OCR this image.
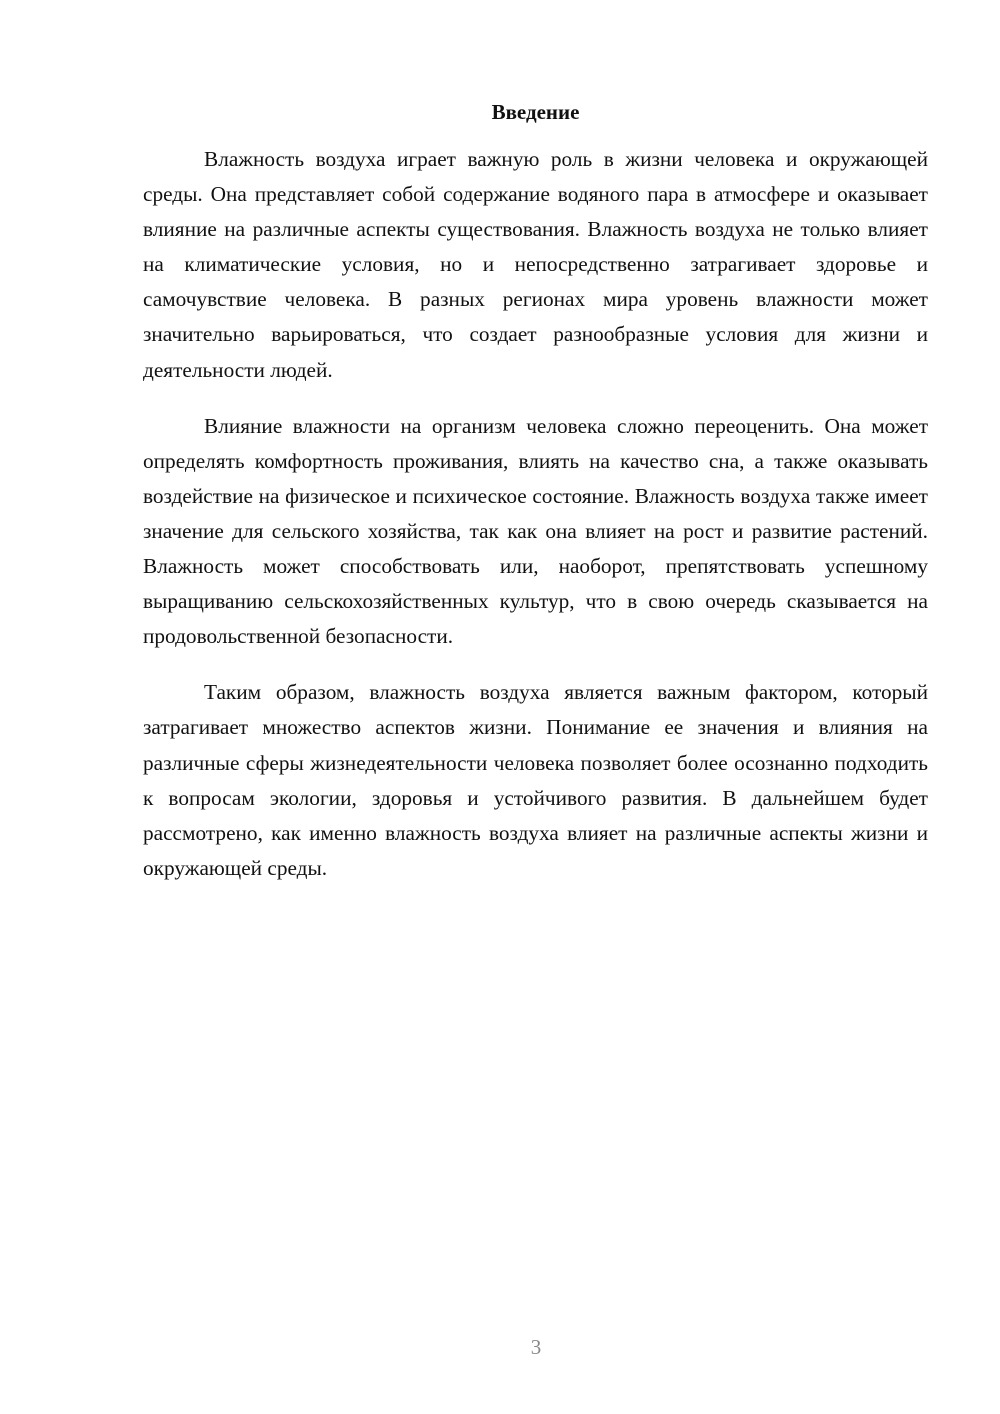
Введение

Влажность воздуха играет важную роль в жизни человека и окружающей среды. Она представляет собой содержание водяного пара в атмосфере и оказывает влияние на различные аспекты существования. Влажность воздуха не только влияет на климатические условия, но и непосредственно затрагивает здоровье и самочувствие человека. В разных регионах мира уровень влажности может значительно варьироваться, что создает разнообразные условия для жизни и деятельности людей.

Влияние влажности на организм человека сложно переоценить. Она может определять комфортность проживания, влиять на качество сна, а также оказывать воздействие на физическое и психическое состояние. Влажность воздуха также имеет значение для сельского хозяйства, так как она влияет на рост и развитие растений. Влажность может способствовать или, наоборот, препятствовать успешному выращиванию сельскохозяйственных культур, что в свою очередь сказывается на продовольственной безопасности.

Таким образом, влажность воздуха является важным фактором, который затрагивает множество аспектов жизни. Понимание ее значения и влияния на различные сферы жизнедеятельности человека позволяет более осознанно подходить к вопросам экологии, здоровья и устойчивого развития. В дальнейшем будет рассмотрено, как именно влажность воздуха влияет на различные аспекты жизни и окружающей среды.

3
